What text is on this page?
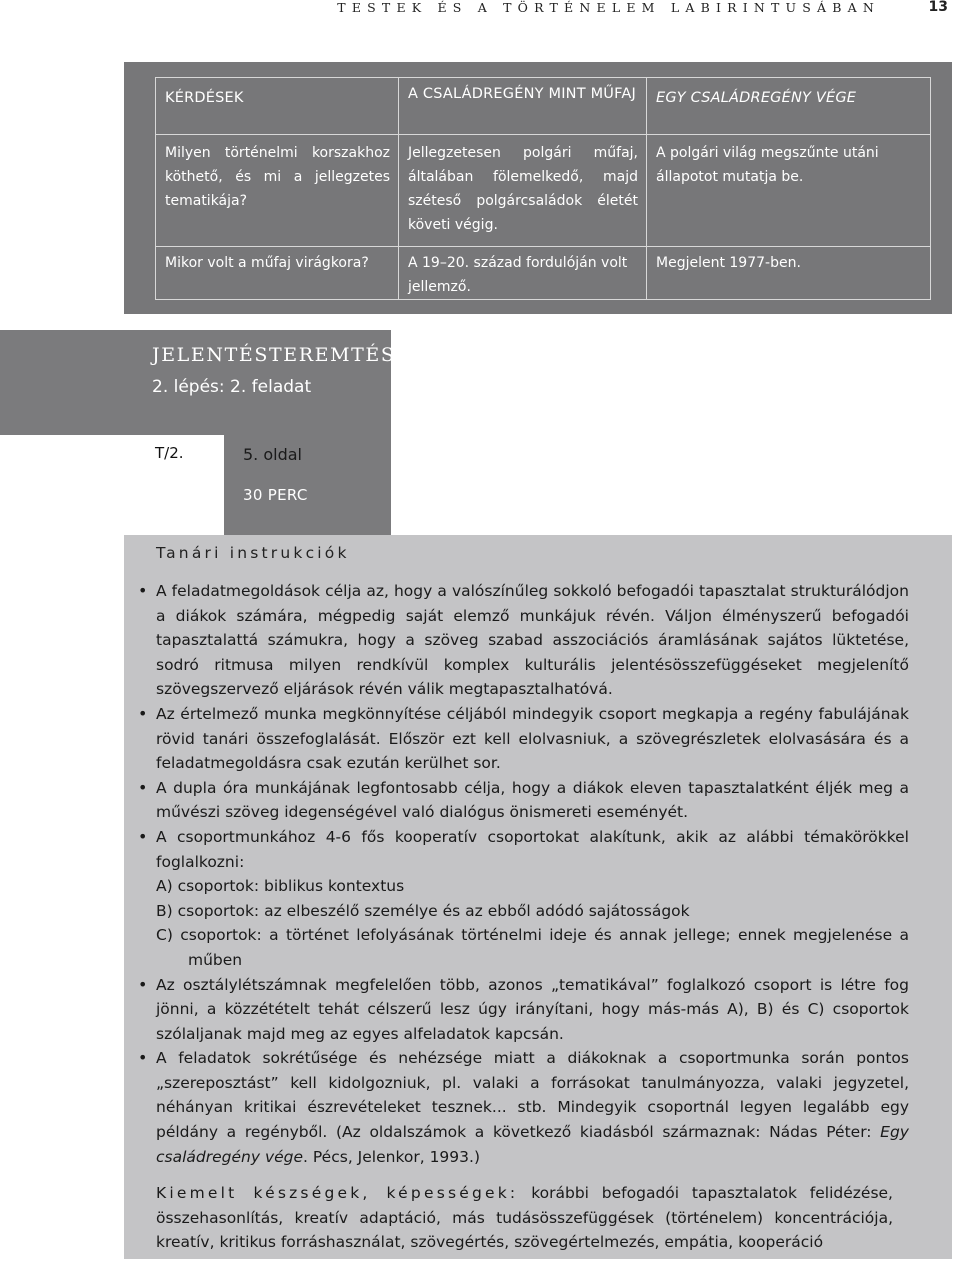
TESTEK ÉS A TÖRTÉNELEM LABIRINTUSÁBAN	13
KÉRDÉSEK	A CSALÁDREGÉNY MINT MŰFAJ	EGY CSALÁDREGÉNY VÉGE

Milyen történelmi korszakhoz köthető, és mi a jellegzetes tematikája?	Jellegzetesen polgári műfaj, általában fölemelkedő, majd széteső polgárcsaládok életét követi végig.	A polgári világ megszűnte utáni állapotot mutatja be.

Mikor volt a műfaj virágkora?	A 19–20. század fordulóján volt jellemző.	Megjelent 1977-ben.
JELENTÉSTEREMTÉS
2. lépés: 2. feladat
T/2.	5. oldal
30 PERC
Tanári instrukciók
• A feladatmegoldások célja az, hogy a valószínűleg sokkoló befogadói tapasztalat strukturálódjon a diákok számára, mégpedig saját elemző munkájuk révén. Váljon élményszerű befogadói tapasztalattá számukra, hogy a szöveg szabad asszociációs áramlásának sajátos lüktetése, sodró ritmusa milyen rendkívül komplex kulturális jelentésösszefüggéseket megjelenítő szövegszervező eljárások révén válik megtapasztalhatóvá.
• Az értelmező munka megkönnyítése céljából mindegyik csoport megkapja a regény fabulájának rövid tanári összefoglalását. Először ezt kell elolvasniuk, a szövegrészletek elolvasására és a feladatmegoldásra csak ezután kerülhet sor.
• A dupla óra munkájának legfontosabb célja, hogy a diákok eleven tapasztalatként éljék meg a művészi szöveg idegenségével való dialógus önismereti eseményét.
• A csoportmunkához 4-6 fős kooperatív csoportokat alakítunk, akik az alábbi témakörökkel foglalkozni:
A) csoportok: biblikus kontextus
B) csoportok: az elbeszélő személye és az ebből adódó sajátosságok
C) csoportok: a történet lefolyásának történelmi ideje és annak jellege; ennek megjelenése a műben
• Az osztálylétszámnak megfelelően több, azonos „tematikával” foglalkozó csoport is létre fog jönni, a közzétételt tehát célszerű lesz úgy irányítani, hogy más-más A), B) és C) csoportok szólaljanak majd meg az egyes alfeladatok kapcsán.
• A feladatok sokrétűsége és nehézsége miatt a diákoknak a csoportmunka során pontos „szereposztást” kell kidolgozniuk, pl. valaki a forrásokat tanulmányozza, valaki jegyzetel, néhányan kritikai észrevételeket tesznek... stb. Mindegyik csoportnál legyen legalább egy példány a regényből. (Az oldalszámok a következő kiadásból származnak: Nádas Péter: Egy családregény vége. Pécs, Jelenkor, 1993.)
Kiemelt készségek, képességek: korábbi befogadói tapasztalatok felidézése, összehasonlítás, kreatív adaptáció, más tudásösszefüggések (történelem) koncentrációja, kreatív, kritikus forráshasználat, szövegértés, szövegértelmezés, empátia, kooperáció
